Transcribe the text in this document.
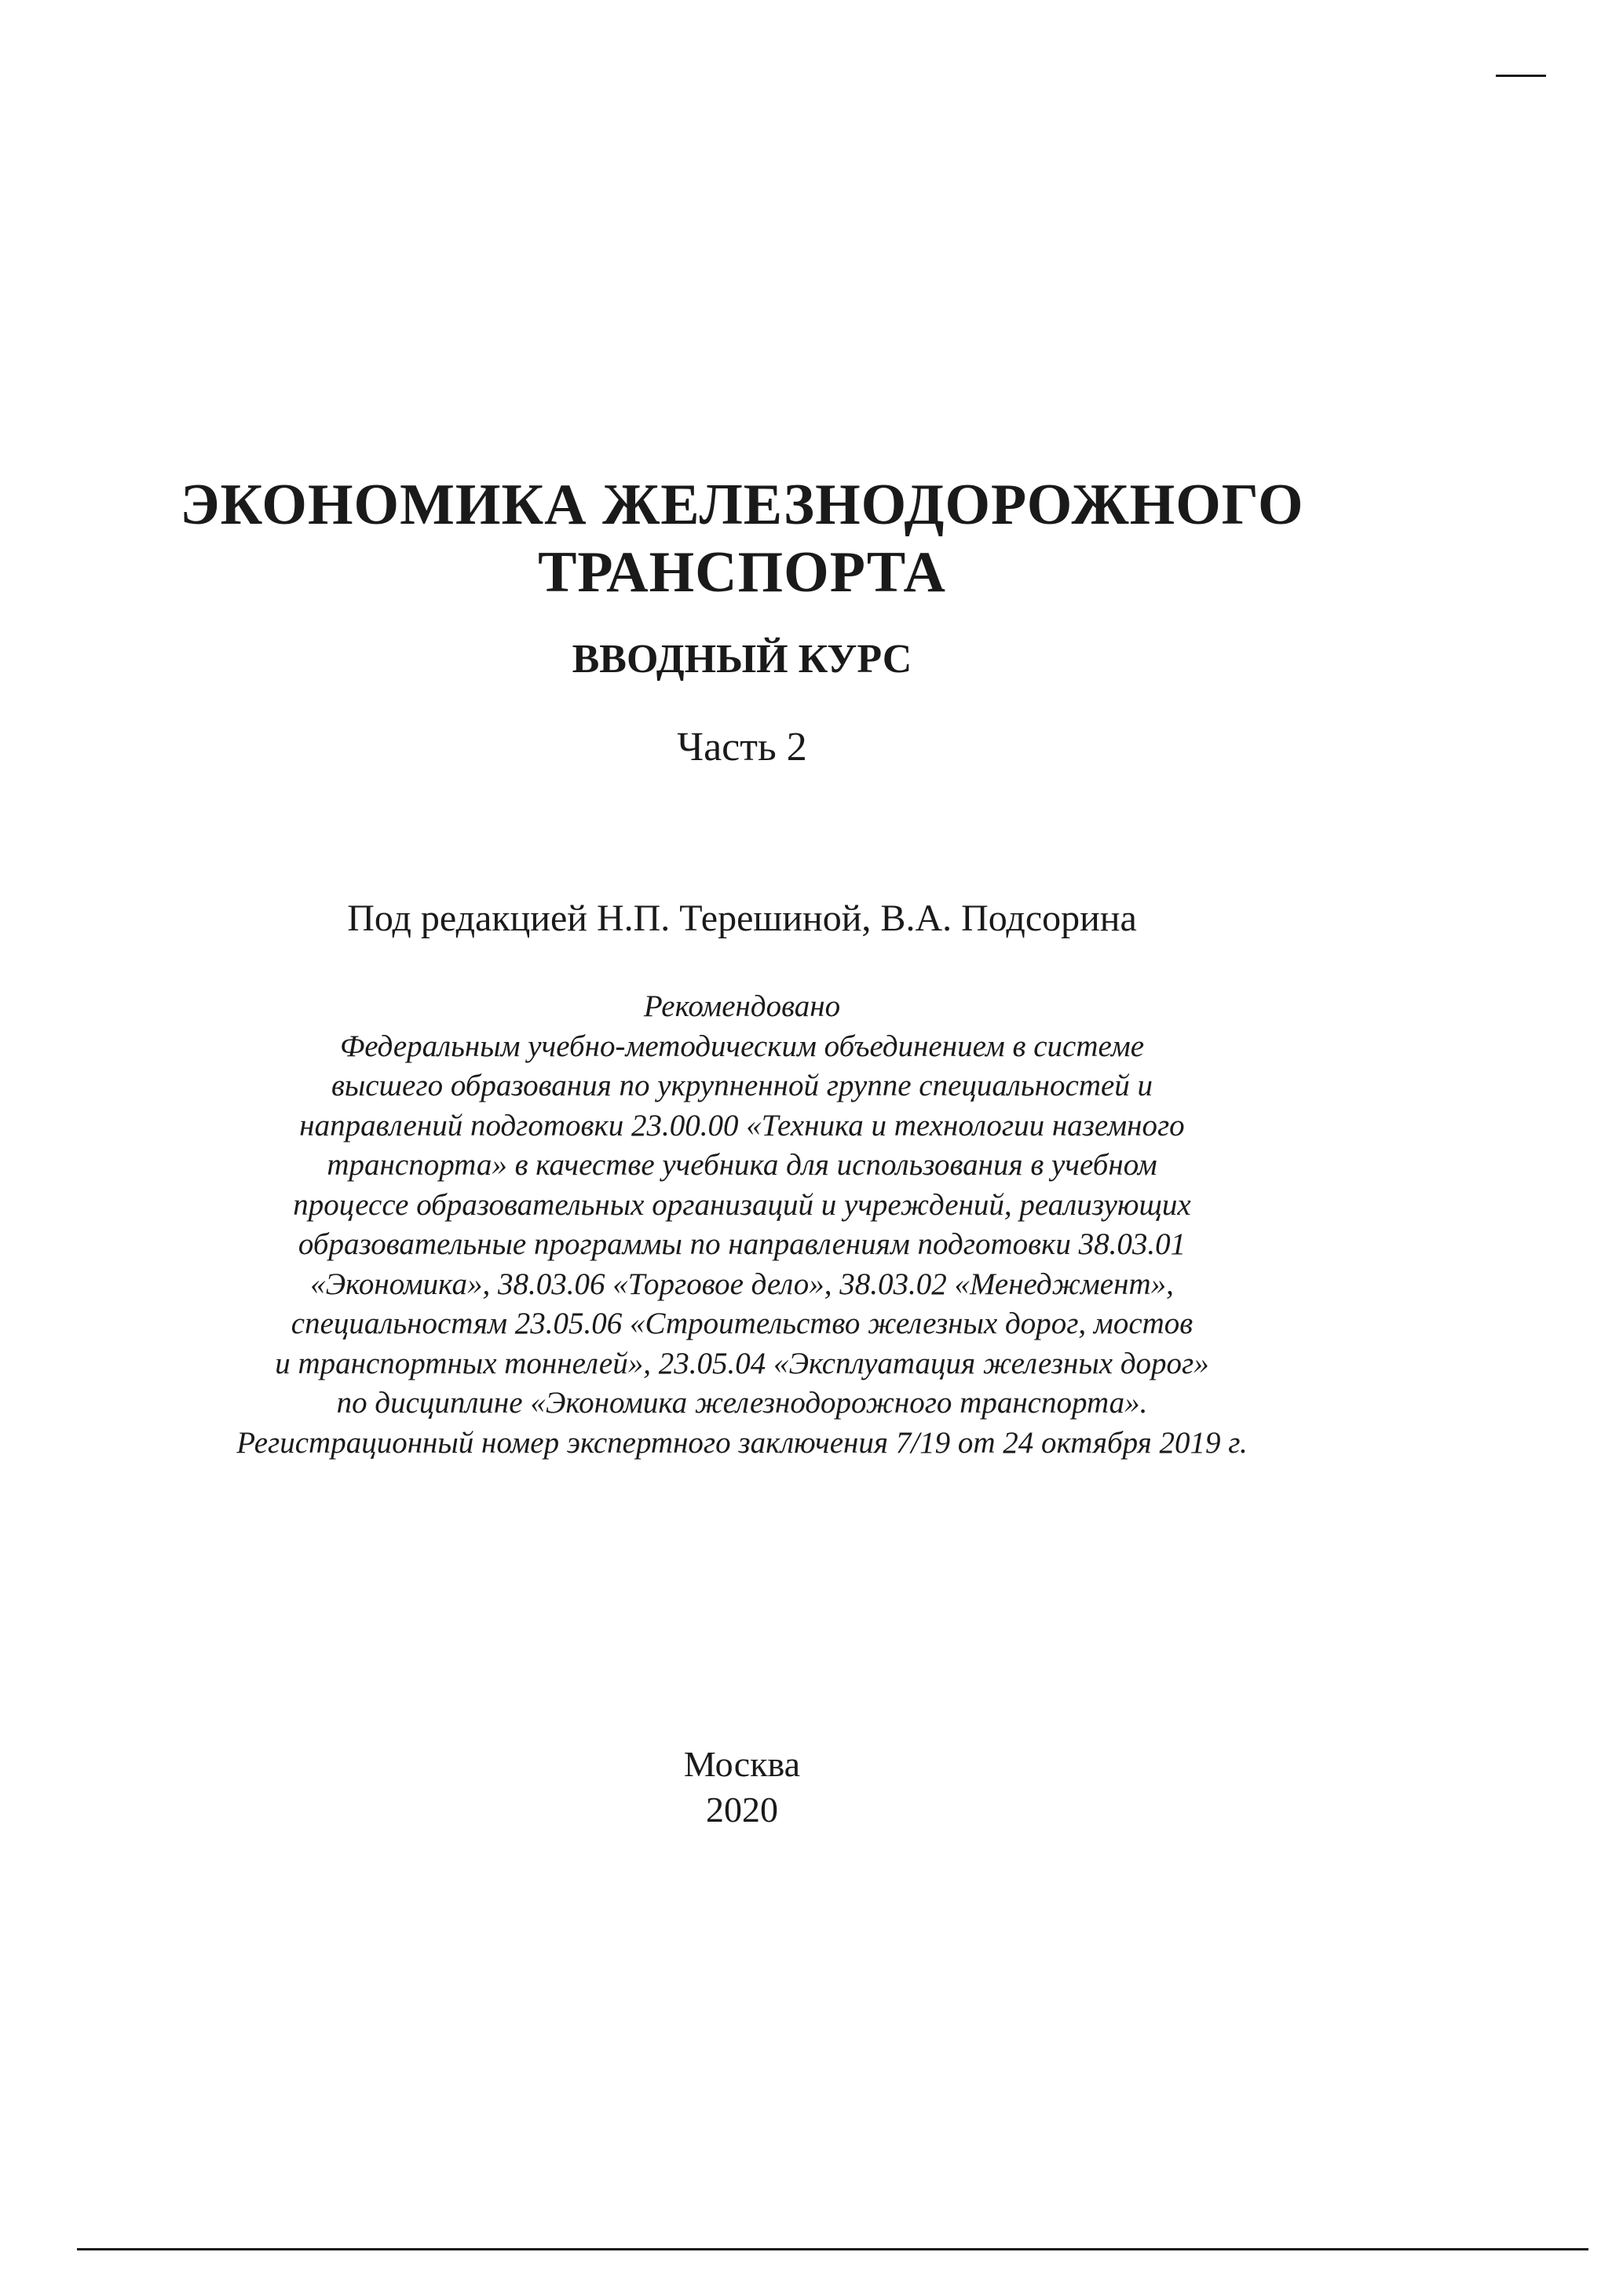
ЭКОНОМИКА ЖЕЛЕЗНОДОРОЖНОГО
ТРАНСПОРТА
ВВОДНЫЙ КУРС
Часть 2
Под редакцией Н.П. Терешиной, В.А. Подсорина
Рекомендовано
Федеральным учебно-методическим объединением в системе
высшего образования по укрупненной группе специальностей и
направлений подготовки 23.00.00 «Техника и технологии наземного
транспорта» в качестве учебника для использования в учебном
процессе образовательных организаций и учреждений, реализующих
образовательные программы по направлениям подготовки 38.03.01
«Экономика», 38.03.06 «Торговое дело», 38.03.02 «Менеджмент»,
специальностям 23.05.06 «Строительство железных дорог, мостов
и транспортных тоннелей», 23.05.04 «Эксплуатация железных дорог»
по дисциплине «Экономика железнодорожного транспорта».
Регистрационный номер экспертного заключения 7/19 от 24 октября 2019 г.
Москва
2020
